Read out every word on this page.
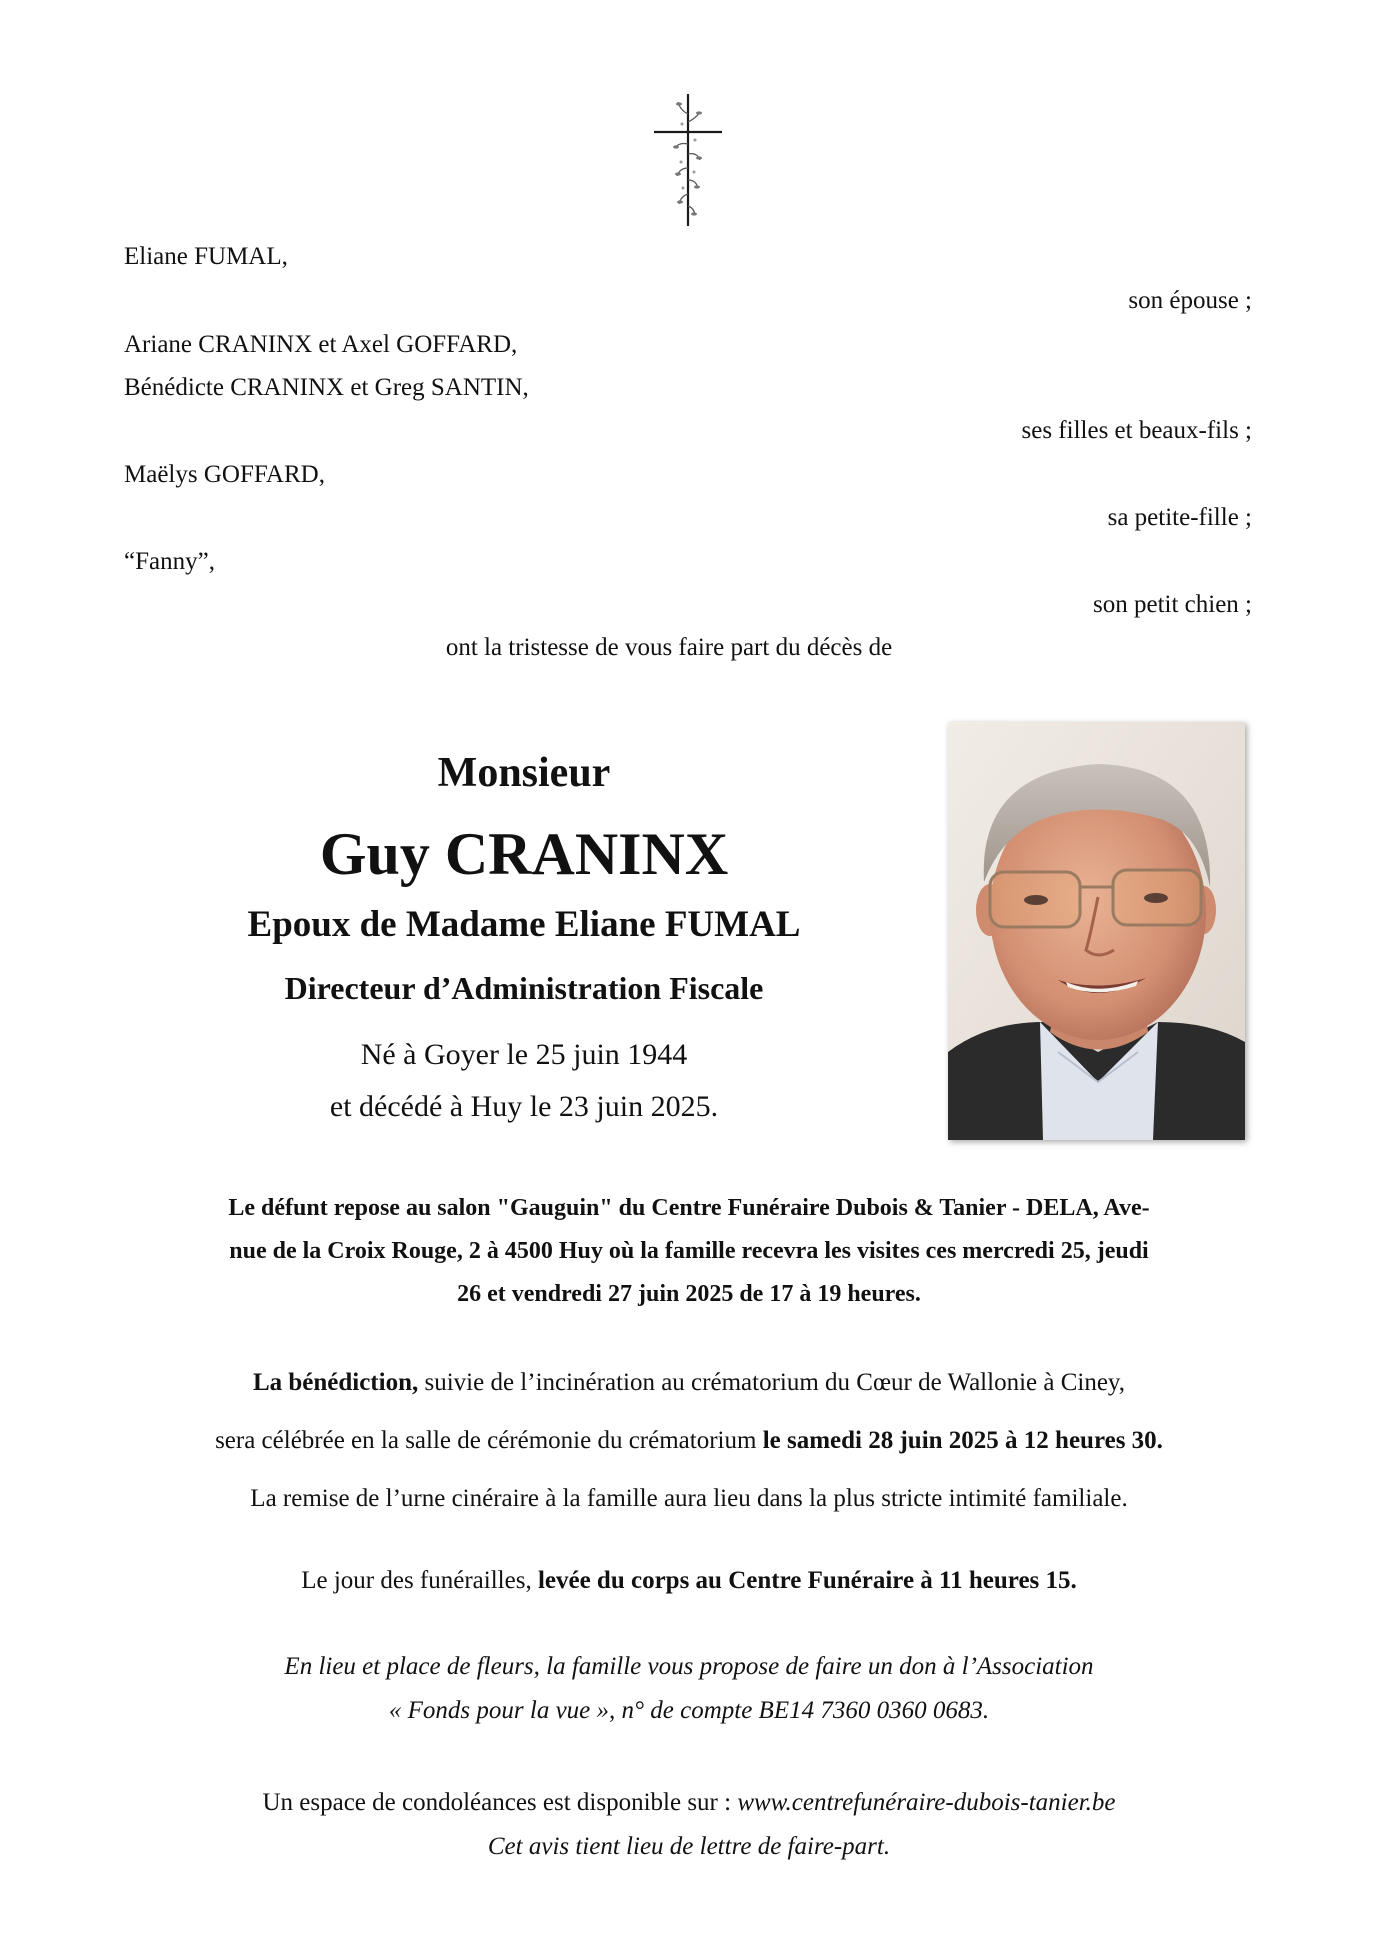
Eliane FUMAL,
son épouse ;
Ariane CRANINX et Axel GOFFARD,
Bénédicte CRANINX et Greg SANTIN,
ses filles et beaux-fils ;
Maëlys GOFFARD,
sa petite-fille ;
“Fanny”,
son petit chien ;
ont la tristesse de vous faire part du décès de
Monsieur
Guy CRANINX
Epoux de Madame Eliane FUMAL
Directeur d’Administration Fiscale
Né à Goyer le 25 juin 1944
et décédé à Huy le 23 juin 2025.
Le défunt repose au salon "Gauguin" du Centre Funéraire Dubois & Tanier - DELA, Ave-
nue de la Croix Rouge, 2 à 4500 Huy où la famille recevra les visites ces mercredi 25, jeudi
26 et vendredi 27 juin 2025 de 17 à 19 heures.
La bénédiction, suivie de l’incinération au crématorium du Cœur de Wallonie à Ciney,
sera célébrée en la salle de cérémonie du crématorium le samedi 28 juin 2025 à 12 heures 30.
La remise de l’urne cinéraire à la famille aura lieu dans la plus stricte intimité familiale.
Le jour des funérailles, levée du corps au Centre Funéraire à 11 heures 15.
En lieu et place de fleurs, la famille vous propose de faire un don à l’Association
« Fonds pour la vue », n° de compte BE14 7360 0360 0683.
Un espace de condoléances est disponible sur : www.centrefunéraire-dubois-tanier.be
Cet avis tient lieu de lettre de faire-part.
